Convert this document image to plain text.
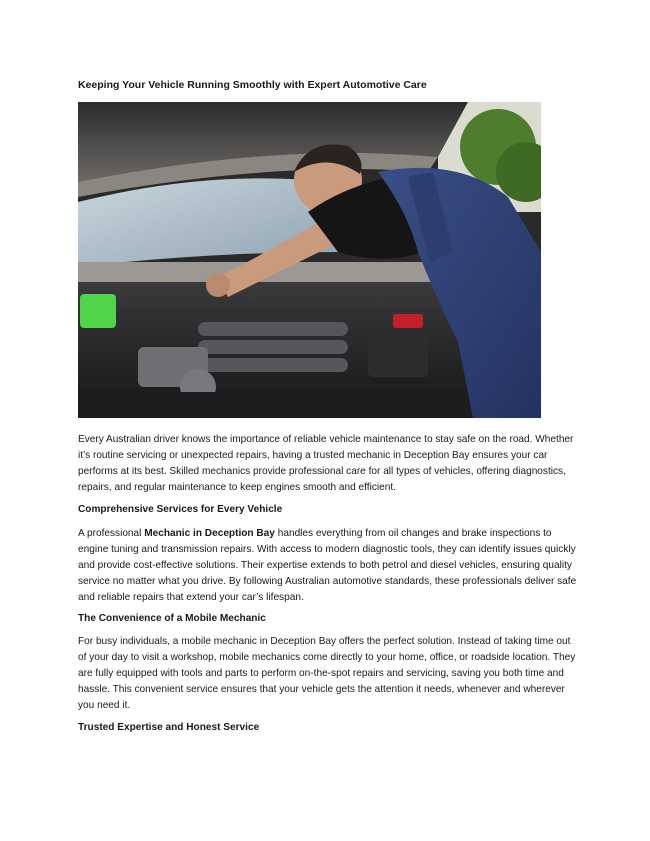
Keeping Your Vehicle Running Smoothly with Expert Automotive Care

Every Australian driver knows the importance of reliable vehicle maintenance to stay safe on the road. Whether it’s routine servicing or unexpected repairs, having a trusted mechanic in Deception Bay ensures your car performs at its best. Skilled mechanics provide professional care for all types of vehicles, offering diagnostics, repairs, and regular maintenance to keep engines smooth and efficient.

Comprehensive Services for Every Vehicle

A professional Mechanic in Deception Bay handles everything from oil changes and brake inspections to engine tuning and transmission repairs. With access to modern diagnostic tools, they can identify issues quickly and provide cost-effective solutions. Their expertise extends to both petrol and diesel vehicles, ensuring quality service no matter what you drive. By following Australian automotive standards, these professionals deliver safe and reliable repairs that extend your car’s lifespan.

The Convenience of a Mobile Mechanic

For busy individuals, a mobile mechanic in Deception Bay offers the perfect solution. Instead of taking time out of your day to visit a workshop, mobile mechanics come directly to your home, office, or roadside location. They are fully equipped with tools and parts to perform on-the-spot repairs and servicing, saving you both time and hassle. This convenient service ensures that your vehicle gets the attention it needs, whenever and wherever you need it.

Trusted Expertise and Honest Service
